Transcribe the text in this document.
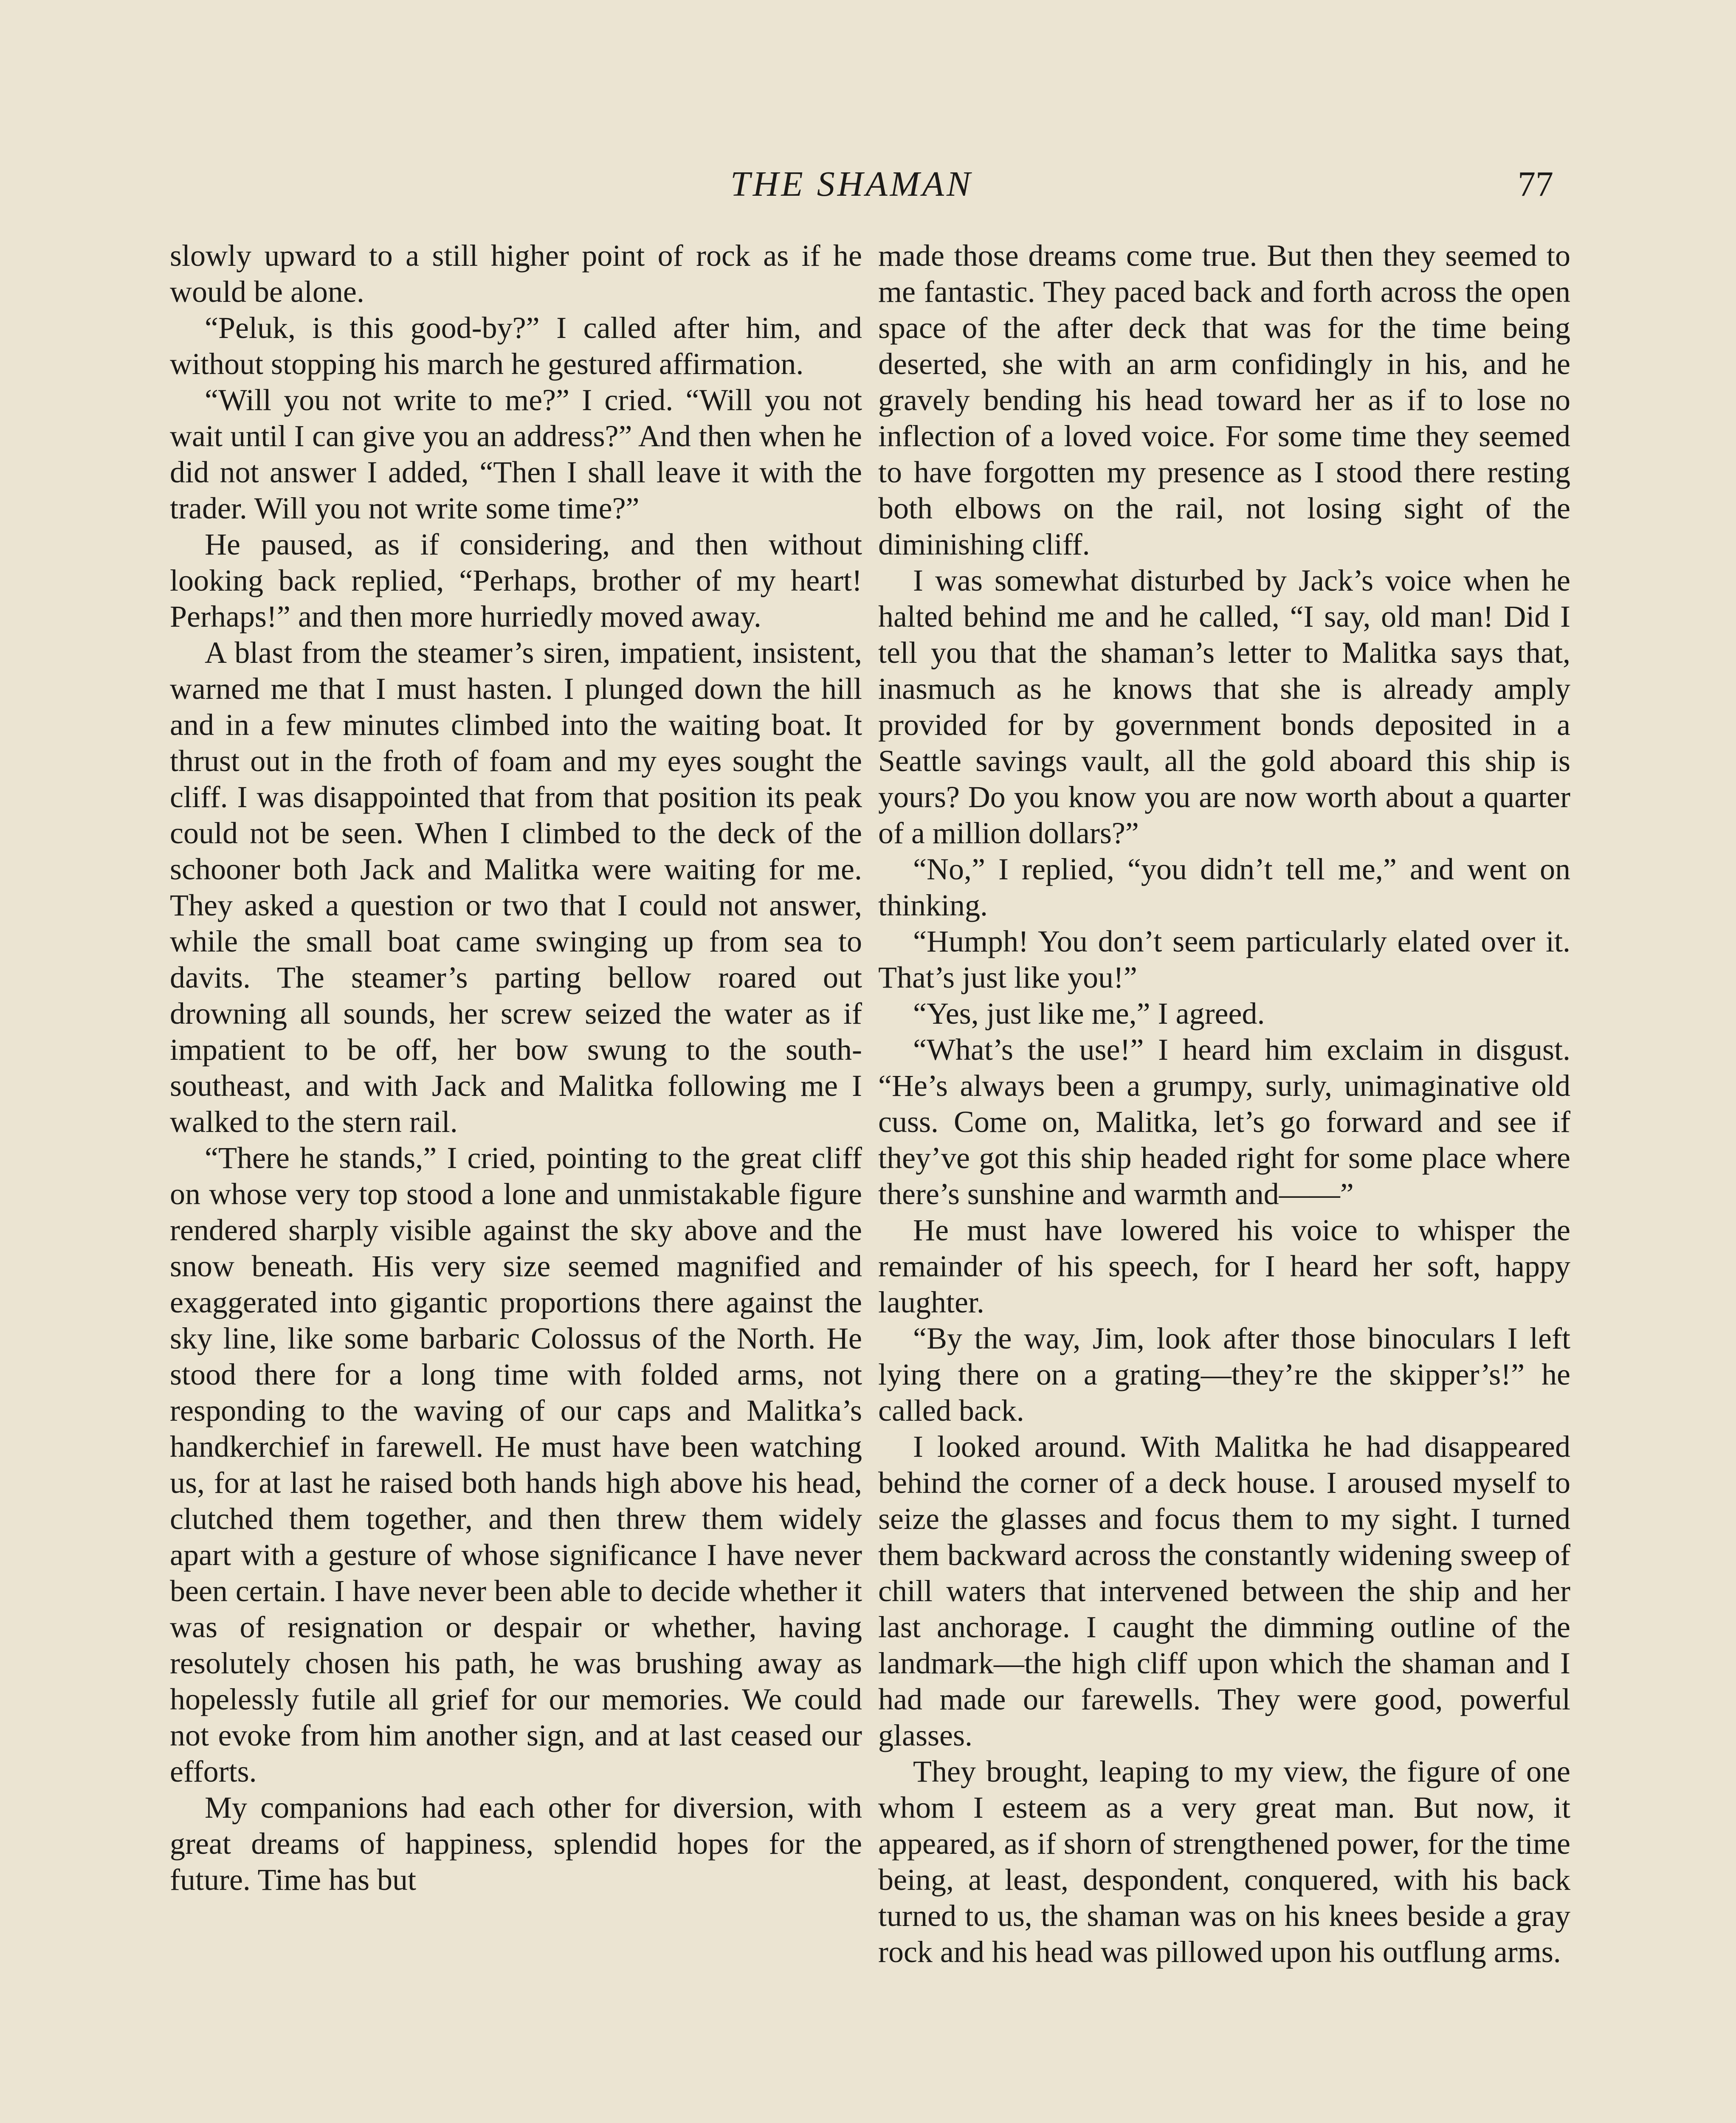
THE SHAMAN	77

slowly upward to a still higher point of rock as if he would be alone.

“Peluk, is this good-by?” I called after him, and without stopping his march he gestured affirmation.

“Will you not write to me?” I cried. “Will you not wait until I can give you an address?” And then when he did not answer I added, “Then I shall leave it with the trader. Will you not write some time?”

He paused, as if considering, and then without looking back replied, “Perhaps, brother of my heart! Perhaps!” and then more hurriedly moved away.

A blast from the steamer’s siren, impatient, insistent, warned me that I must hasten. I plunged down the hill and in a few minutes climbed into the waiting boat. It thrust out in the froth of foam and my eyes sought the cliff. I was disappointed that from that position its peak could not be seen. When I climbed to the deck of the schooner both Jack and Malitka were waiting for me. They asked a question or two that I could not answer, while the small boat came swinging up from sea to davits. The steamer’s parting bellow roared out drowning all sounds, her screw seized the water as if impatient to be off, her bow swung to the south-southeast, and with Jack and Malitka following me I walked to the stern rail.

“There he stands,” I cried, pointing to the great cliff on whose very top stood a lone and unmistakable figure rendered sharply visible against the sky above and the snow beneath. His very size seemed magnified and exaggerated into gigantic proportions there against the sky line, like some barbaric Colossus of the North. He stood there for a long time with folded arms, not responding to the waving of our caps and Malitka’s handkerchief in farewell. He must have been watching us, for at last he raised both hands high above his head, clutched them together, and then threw them widely apart with a gesture of whose significance I have never been certain. I have never been able to decide whether it was of resignation or despair or whether, having resolutely chosen his path, he was brushing away as hopelessly futile all grief for our memories. We could not evoke from him another sign, and at last ceased our efforts.

My companions had each other for diversion, with great dreams of happiness, splendid hopes for the future. Time has but

made those dreams come true. But then they seemed to me fantastic. They paced back and forth across the open space of the after deck that was for the time being deserted, she with an arm confidingly in his, and he gravely bending his head toward her as if to lose no inflection of a loved voice. For some time they seemed to have forgotten my presence as I stood there resting both elbows on the rail, not losing sight of the diminishing cliff.

I was somewhat disturbed by Jack’s voice when he halted behind me and he called, “I say, old man! Did I tell you that the shaman’s letter to Malitka says that, inasmuch as he knows that she is already amply provided for by government bonds deposited in a Seattle savings vault, all the gold aboard this ship is yours? Do you know you are now worth about a quarter of a million dollars?”

“No,” I replied, “you didn’t tell me,” and went on thinking.

“Humph! You don’t seem particularly elated over it. That’s just like you!”

“Yes, just like me,” I agreed.

“What’s the use!” I heard him exclaim in disgust. “He’s always been a grumpy, surly, unimaginative old cuss. Come on, Malitka, let’s go forward and see if they’ve got this ship headed right for some place where there’s sunshine and warmth and——”

He must have lowered his voice to whisper the remainder of his speech, for I heard her soft, happy laughter.

“By the way, Jim, look after those binoculars I left lying there on a grating—they’re the skipper’s!” he called back.

I looked around. With Malitka he had disappeared behind the corner of a deck house. I aroused myself to seize the glasses and focus them to my sight. I turned them backward across the constantly widening sweep of chill waters that intervened between the ship and her last anchorage. I caught the dimming outline of the landmark—the high cliff upon which the shaman and I had made our farewells. They were good, powerful glasses.

They brought, leaping to my view, the figure of one whom I esteem as a very great man. But now, it appeared, as if shorn of strengthened power, for the time being, at least, despondent, conquered, with his back turned to us, the shaman was on his knees beside a gray rock and his head was pillowed upon his outflung arms.
